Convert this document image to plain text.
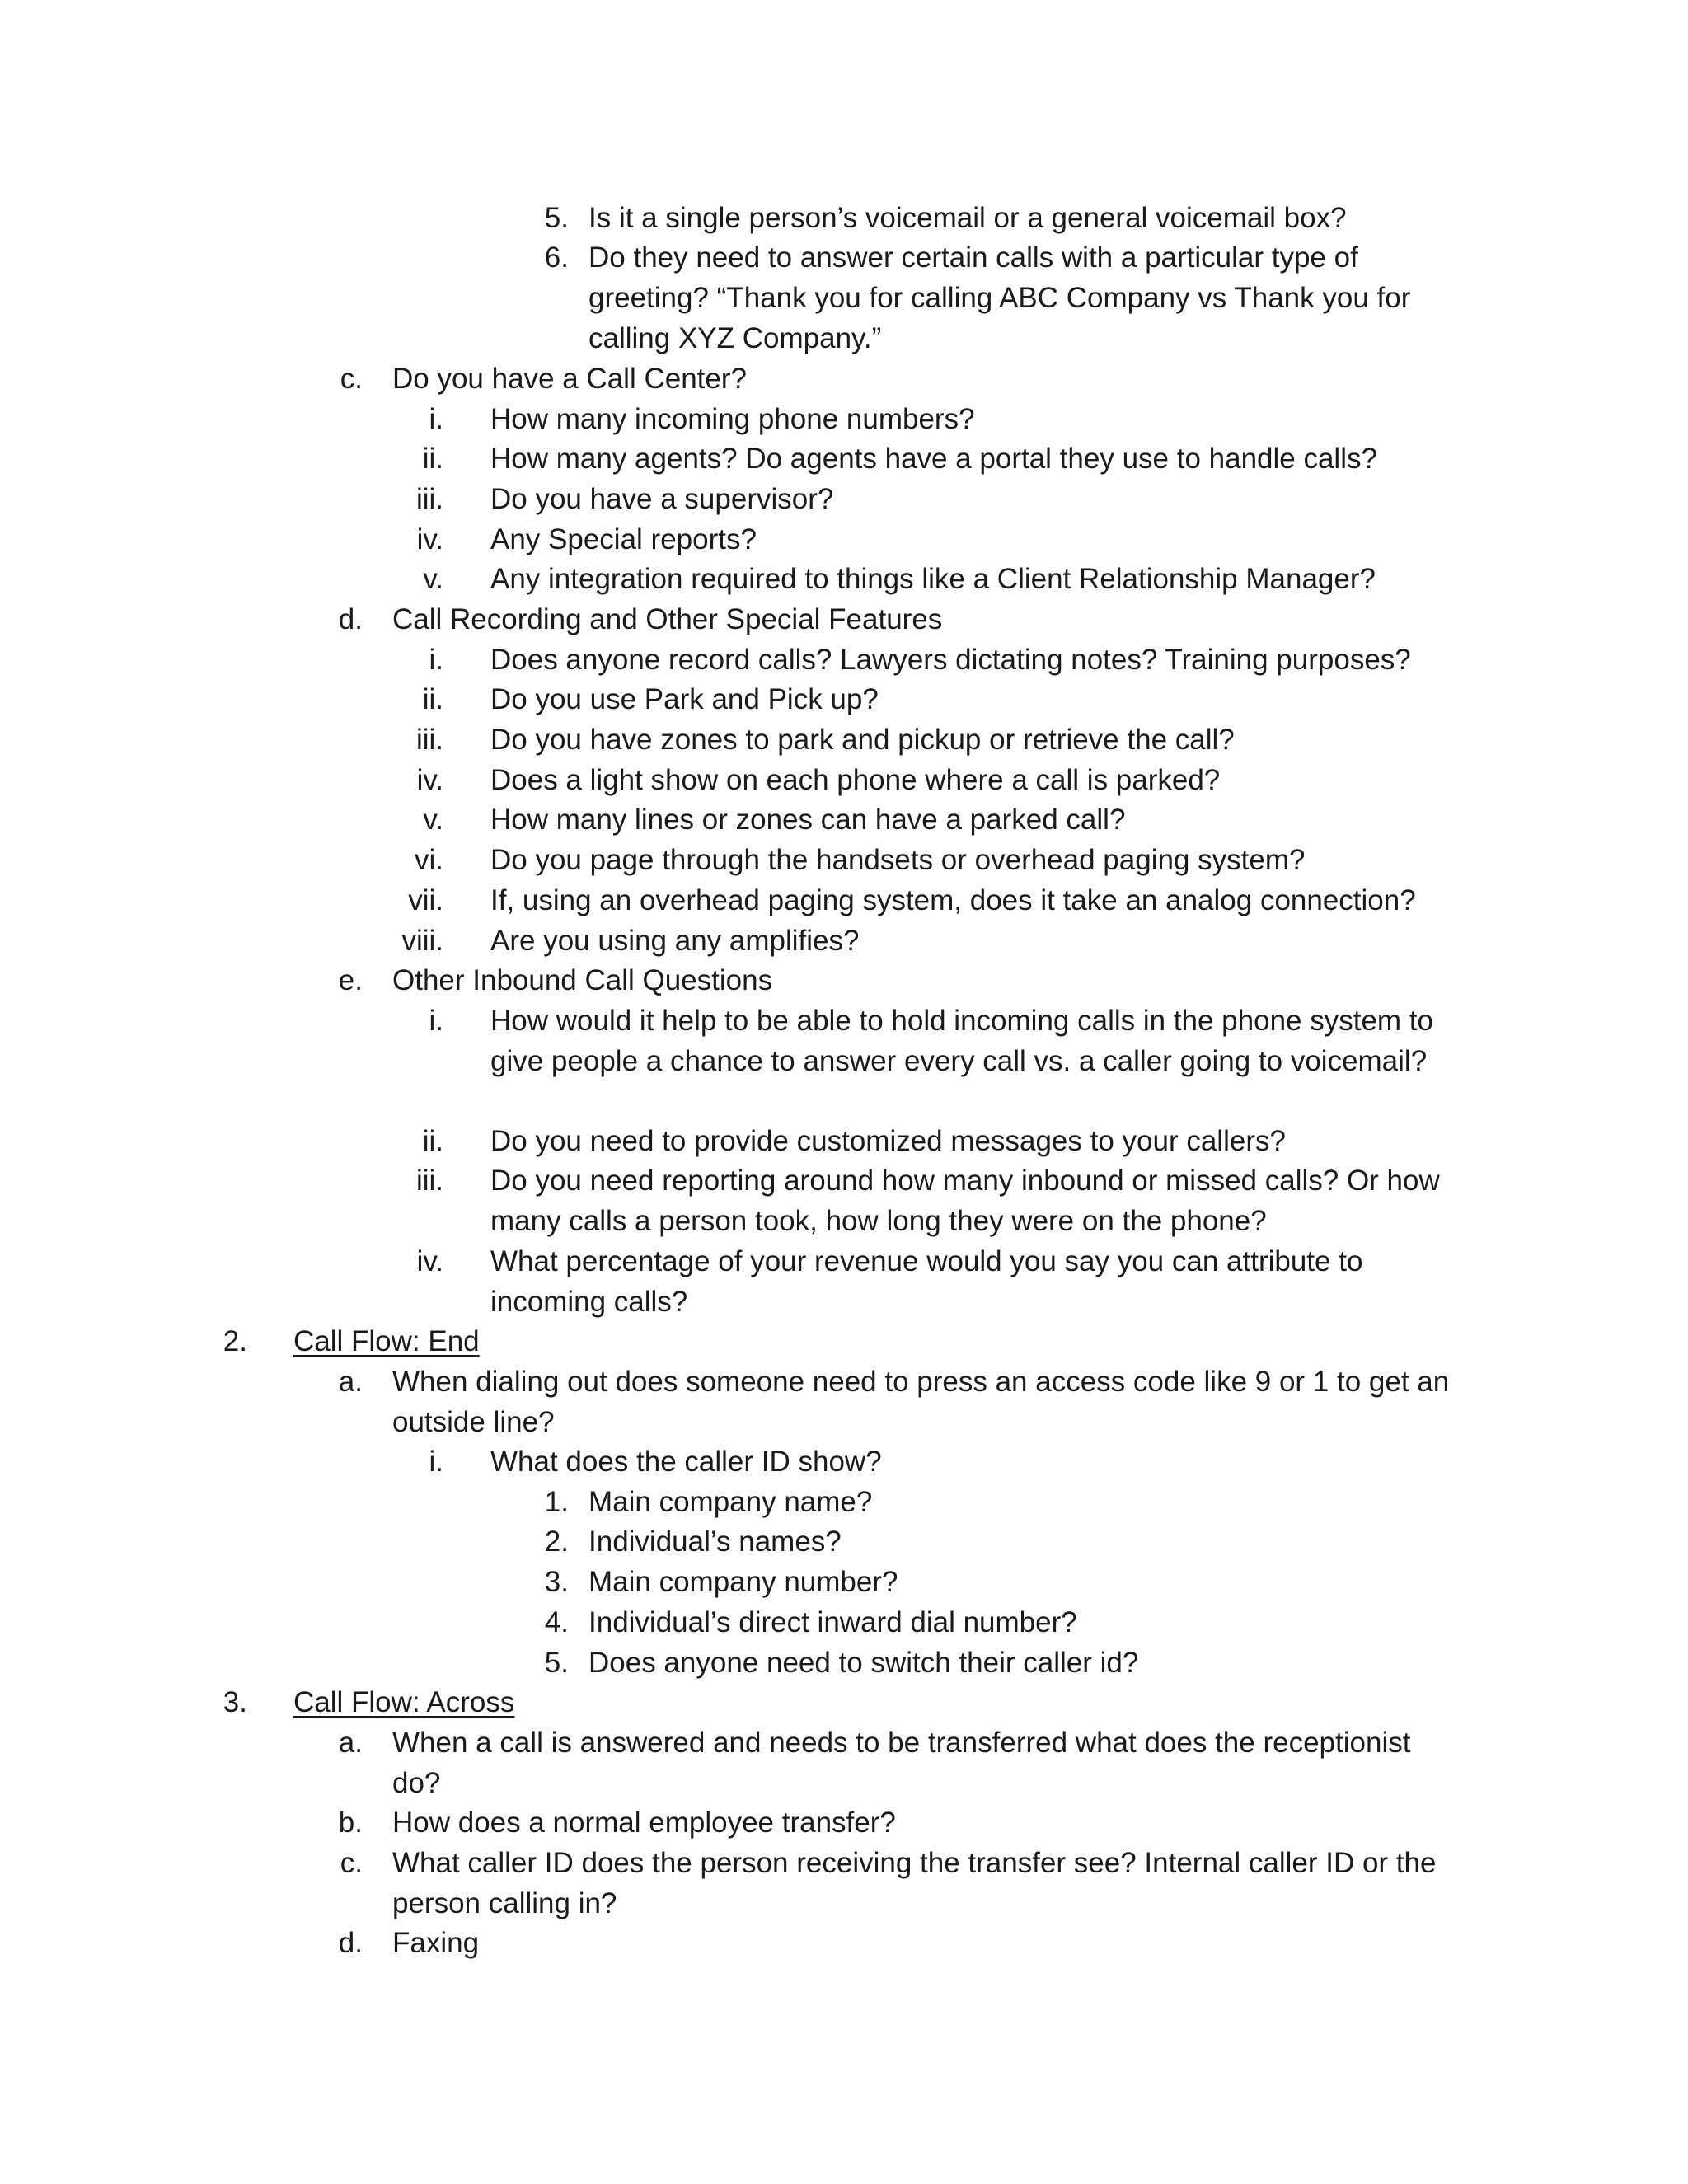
5. Is it a single person’s voicemail or a general voicemail box?
6. Do they need to answer certain calls with a particular type of greeting? “Thank you for calling ABC Company vs Thank you for calling XYZ Company.”
c. Do you have a Call Center?
i. How many incoming phone numbers?
ii. How many agents? Do agents have a portal they use to handle calls?
iii. Do you have a supervisor?
iv. Any Special reports?
v. Any integration required to things like a Client Relationship Manager?
d. Call Recording and Other Special Features
i. Does anyone record calls? Lawyers dictating notes? Training purposes?
ii. Do you use Park and Pick up?
iii. Do you have zones to park and pickup or retrieve the call?
iv. Does a light show on each phone where a call is parked?
v. How many lines or zones can have a parked call?
vi. Do you page through the handsets or overhead paging system?
vii. If, using an overhead paging system, does it take an analog connection?
viii. Are you using any amplifies?
e. Other Inbound Call Questions
i. How would it help to be able to hold incoming calls in the phone system to give people a chance to answer every call vs. a caller going to voicemail?
ii. Do you need to provide customized messages to your callers?
iii. Do you need reporting around how many inbound or missed calls? Or how many calls a person took, how long they were on the phone?
iv. What percentage of your revenue would you say you can attribute to incoming calls?
2. Call Flow: End
a. When dialing out does someone need to press an access code like 9 or 1 to get an outside line?
i. What does the caller ID show?
1. Main company name?
2. Individual’s names?
3. Main company number?
4. Individual’s direct inward dial number?
5. Does anyone need to switch their caller id?
3. Call Flow: Across
a. When a call is answered and needs to be transferred what does the receptionist do?
b. How does a normal employee transfer?
c. What caller ID does the person receiving the transfer see? Internal caller ID or the person calling in?
d. Faxing
